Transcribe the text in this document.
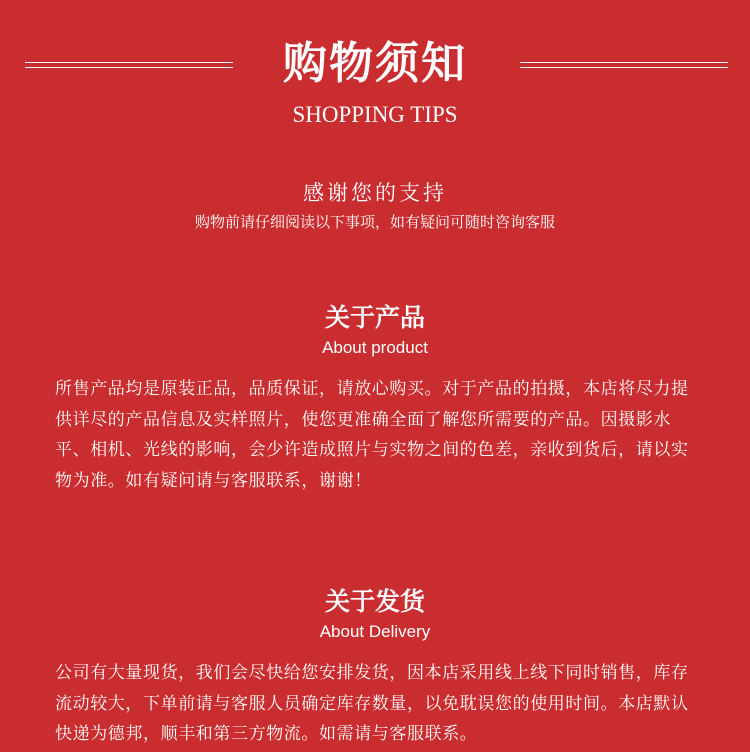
购物须知
SHOPPING TIPS
感谢您的支持
购物前请仔细阅读以下事项，如有疑问可随时咨询客服
关于产品
About product
所售产品均是原装正品，品质保证，请放心购买。对于产品的拍摄，本店将尽力提供详尽的产品信息及实样照片，使您更准确全面了解您所需要的产品。因摄影水平、相机、光线的影响，会少许造成照片与实物之间的色差，亲收到货后，请以实物为准。如有疑问请与客服联系，谢谢！
关于发货
About Delivery
公司有大量现货，我们会尽快给您安排发货，因本店采用线上线下同时销售，库存流动较大，下单前请与客服人员确定库存数量，以免耽误您的使用时间。本店默认快递为德邦，顺丰和第三方物流。如需请与客服联系。
